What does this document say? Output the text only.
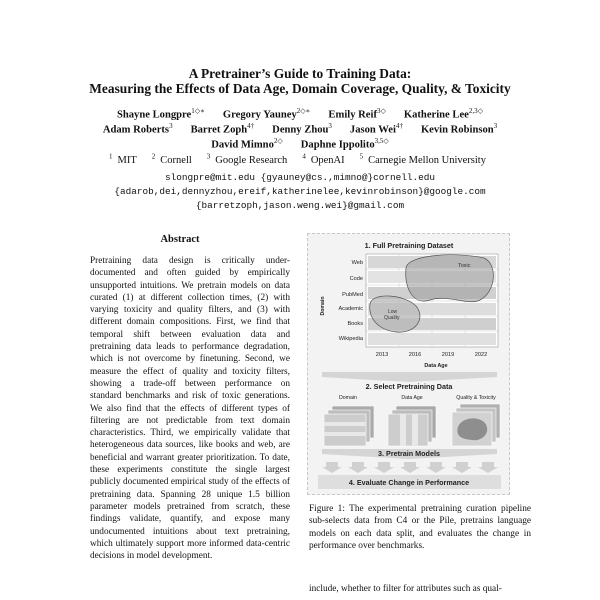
A Pretrainer’s Guide to Training Data:
Measuring the Effects of Data Age, Domain Coverage, Quality, & Toxicity
Shayne Longpre$^{1◇∗}$ Gregory Yauney$^{2◇∗}$ Emily Reif$^{3◇}$ Katherine Lee$^{2,3◇}$
Adam Roberts$^3$ Barret Zoph$^{4\dagger}$ Denny Zhou$^3$ Jason Wei$^{4\dagger}$ Kevin Robinson$^3$
David Mimno$^{2◇}$ Daphne Ippolito$^{3,5◇}$
$^1$ MIT $^2$ Cornell $^3$ Google Research $^4$ OpenAI $^5$ Carnegie Mellon University
slongpre@mit.edu {gyauney@cs.,mimno@}cornell.edu
{adarob,dei,dennyzhou,ereif,katherinelee,kevinrobinson}@google.com
{barretzoph,jason.weng.wei}@gmail.com
Abstract
Pretraining data design is critically under-documented and often guided by empirically unsupported intuitions. We pretrain models on data curated (1) at different collection times, (2) with varying toxicity and quality filters, and (3) with different domain compositions. First, we find that temporal shift between evaluation data and pretraining data leads to performance degradation, which is not overcome by finetuning. Second, we measure the effect of quality and toxicity filters, showing a trade-off between performance on standard benchmarks and risk of toxic generations. We also find that the effects of different types of filtering are not predictable from text domain characteristics. Third, we empirically validate that heterogeneous data sources, like books and web, are beneficial and warrant greater prioritization. To date, these experiments constitute the single largest publicly documented empirical study of the effects of pretraining data. Spanning 28 unique 1.5 billion parameter models pretrained from scratch, these findings validate, quantify, and expose many undocumented intuitions about text pretraining, which ultimately support more informed data-centric decisions in model development.
1. Full Pretraining Dataset
Toxic
Low Quality
Web
Code
PubMed
Academic
Books
Wikipedia
Domain
2013	2016	2019	2022
Data Age
2. Select Pretraining Data
Domain	Data Age	Quality & Toxicity
3. Pretrain Models
4. Evaluate Change in Performance
Figure 1: The experimental pretraining curation pipeline sub-selects data from C4 or the Pile, pretrains language models on each data split, and evaluates the change in performance over benchmarks.
include, whether to filter for attributes such as qual-
